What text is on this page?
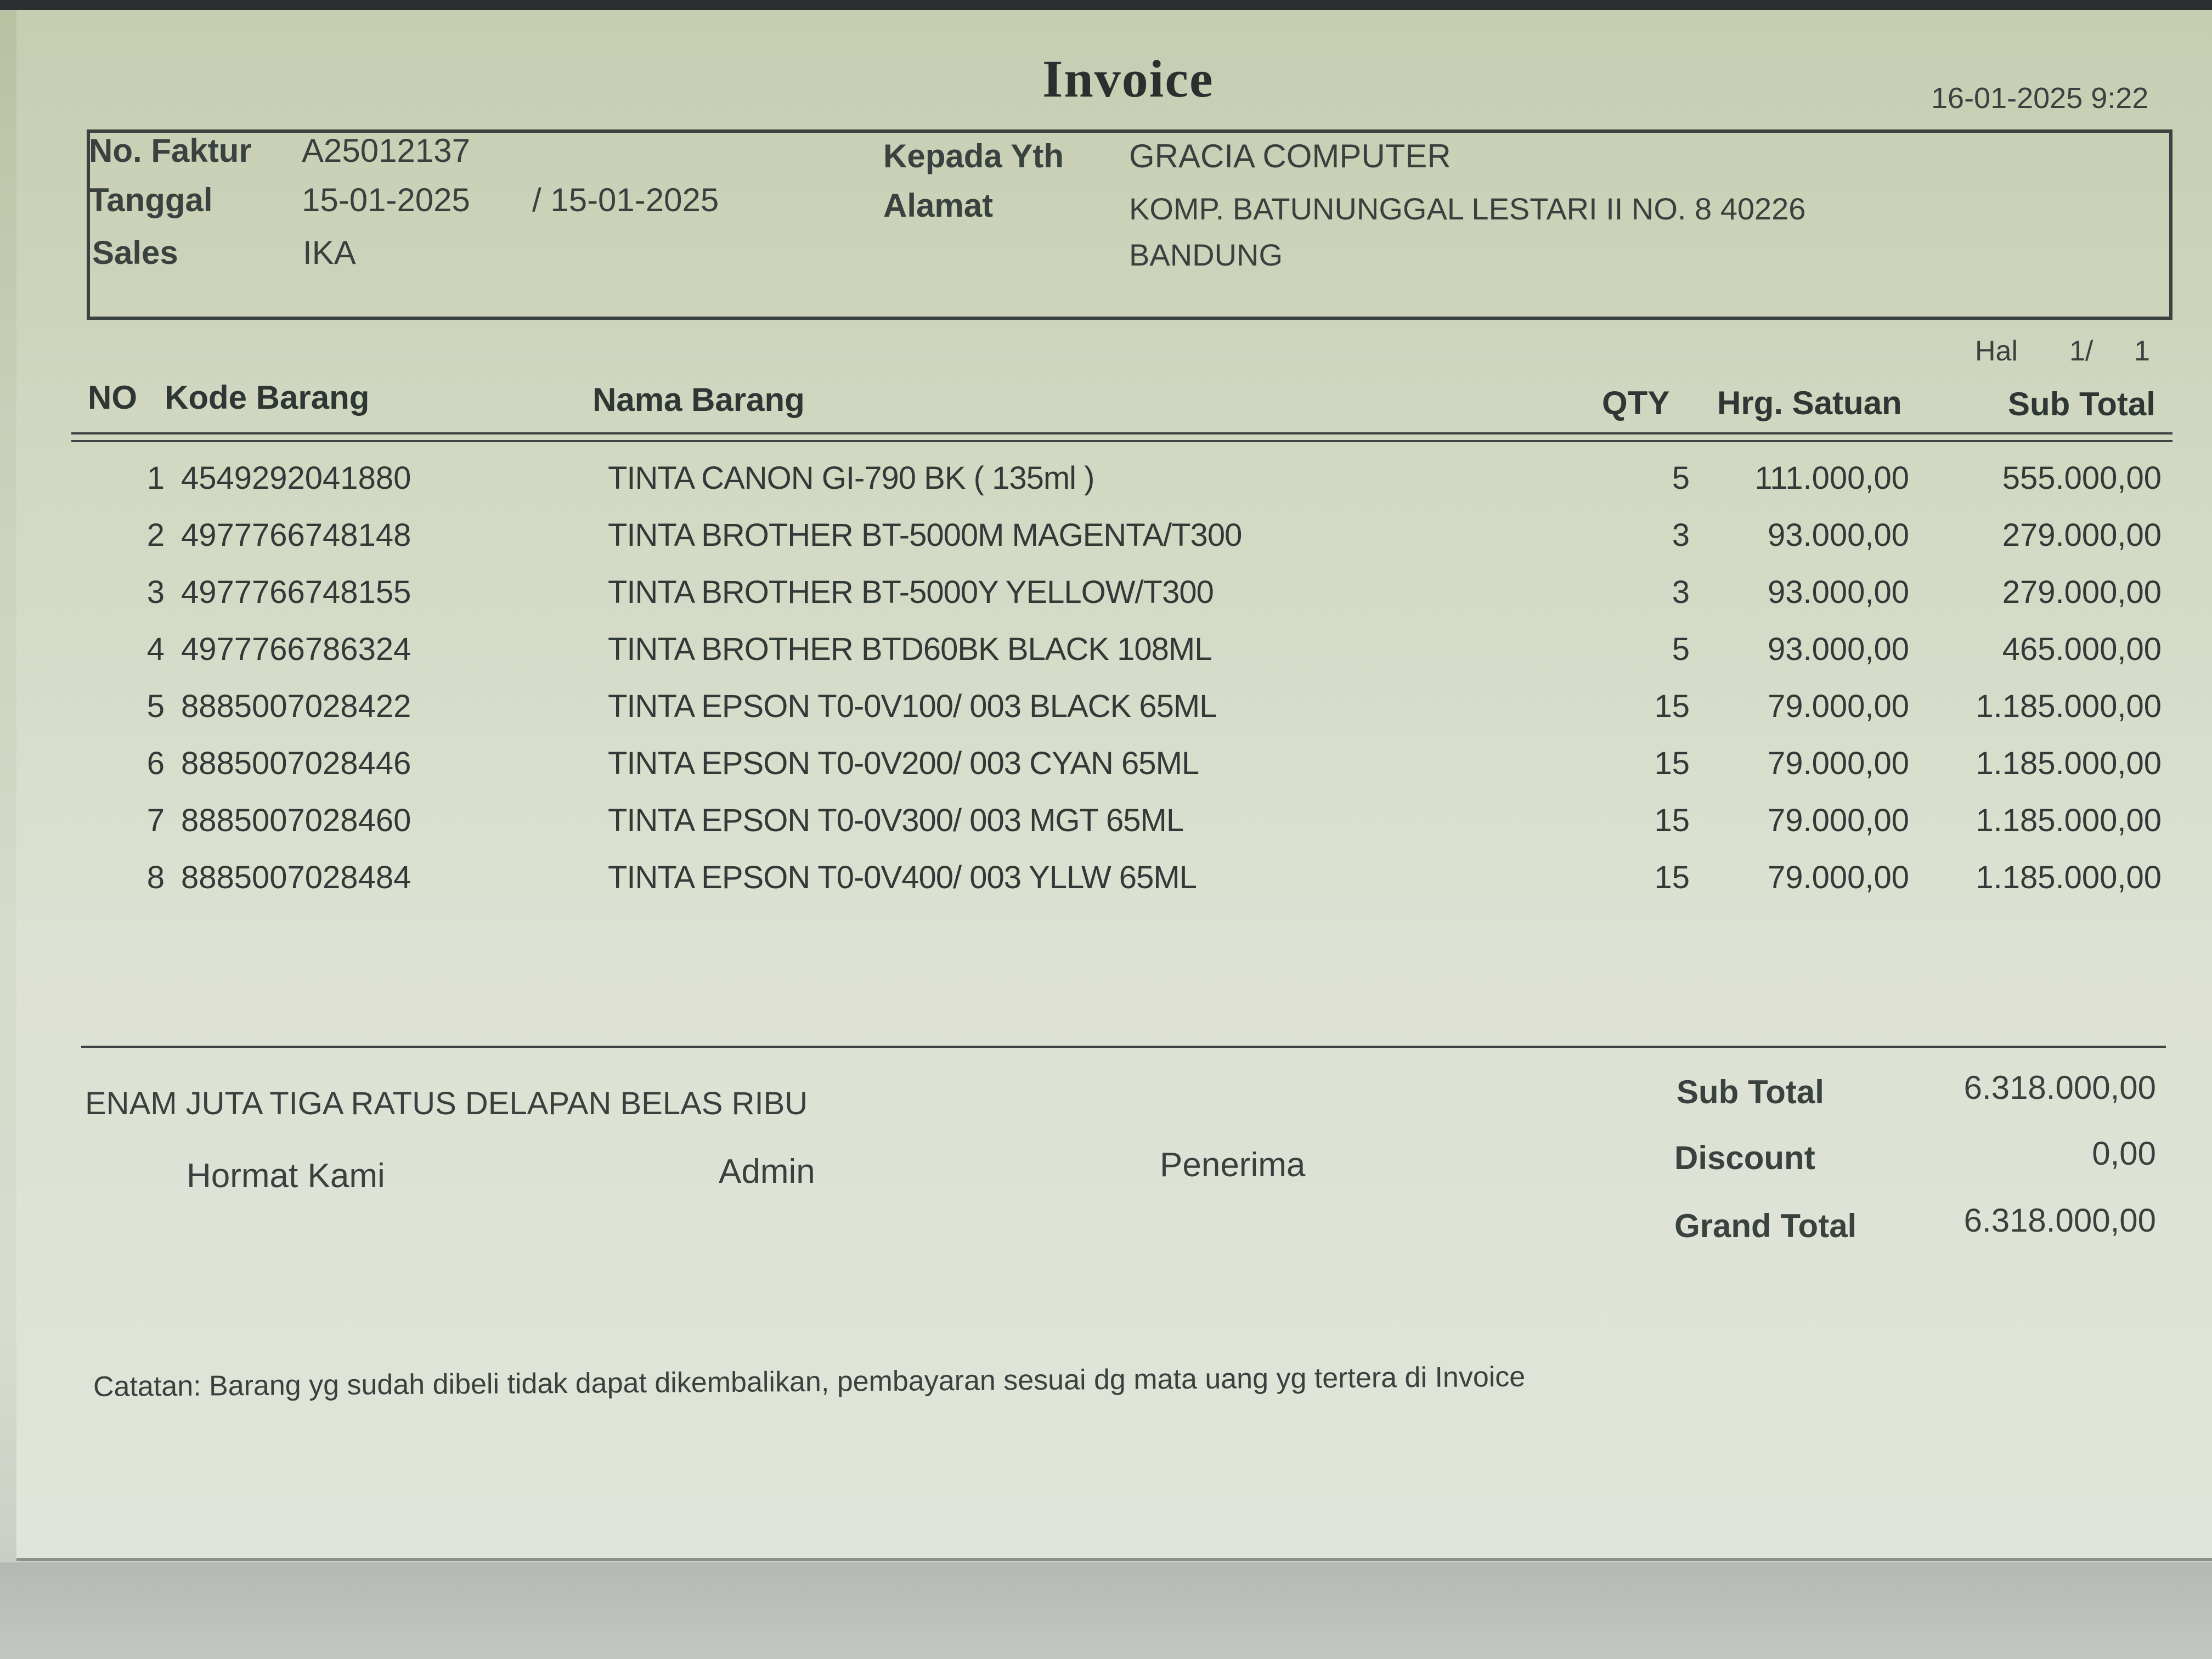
Invoice	16-01-2025 9:22
No. Faktur A25012137
Tanggal	15-01-2025 / 15-01-2025
Sales	IKA
Kepada Yth GRACIA COMPUTER
Alamat	KOMP. BATUNUNGGAL LESTARI II NO. 8 40226
BANDUNG
Hal 1/ 1
NO Kode Barang	Nama Barang	QTY Hrg. Satuan	Sub Total
1 4549292041880	TINTA CANON GI-790 BK ( 135ml )	5	111.000,00	555.000,00
2 4977766748148	TINTA BROTHER BT-5000M MAGENTA/T300	3	93.000,00	279.000,00
3 4977766748155	TINTA BROTHER BT-5000Y YELLOW/T300	3	93.000,00	279.000,00
4 4977766786324	TINTA BROTHER BTD60BK BLACK 108ML	5	93.000,00	465.000,00
5 8885007028422	TINTA EPSON T0-0V100/ 003 BLACK 65ML	15	79.000,00	1.185.000,00
6 8885007028446	TINTA EPSON T0-0V200/ 003 CYAN 65ML	15	79.000,00	1.185.000,00
7 8885007028460	TINTA EPSON T0-0V300/ 003 MGT 65ML	15	79.000,00	1.185.000,00
8 8885007028484	TINTA EPSON T0-0V400/ 003 YLLW 65ML	15	79.000,00	1.185.000,00
ENAM JUTA TIGA RATUS DELAPAN BELAS RIBU
Hormat Kami	Admin	Penerima
Sub Total	6.318.000,00
Discount	0,00
Grand Total	6.318.000,00
Catatan: Barang yg sudah dibeli tidak dapat dikembalikan, pembayaran sesuai dg mata uang yg tertera di Invoice
